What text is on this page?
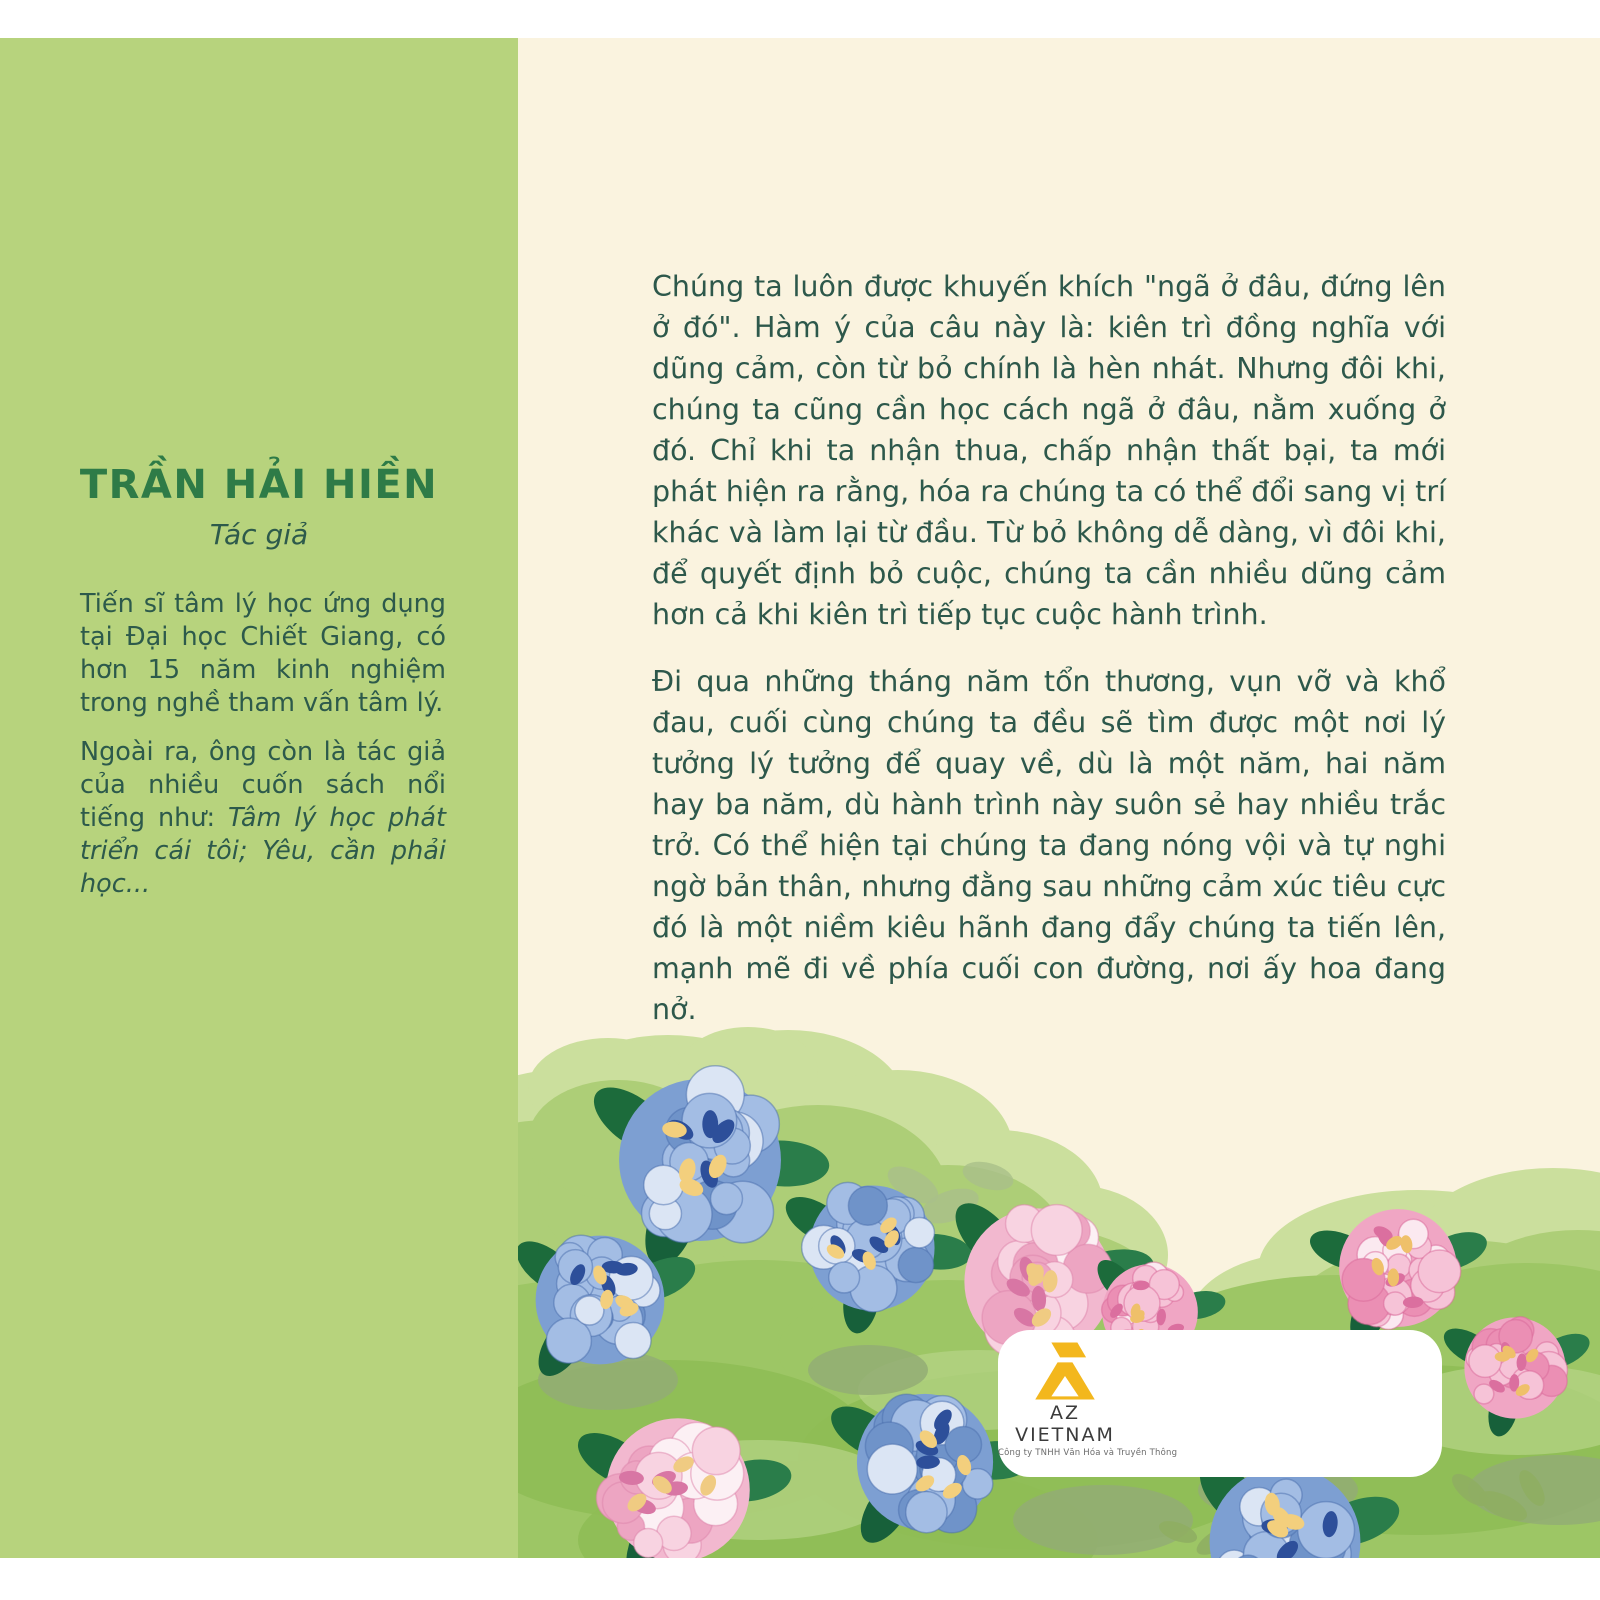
TRẦN HẢI HIỀN
Tác giả

Tiến sĩ tâm lý học ứng dụng tại Đại học Chiết Giang, có hơn 15 năm kinh nghiệm trong nghề tham vấn tâm lý.

Ngoài ra, ông còn là tác giả của nhiều cuốn sách nổi tiếng như: Tâm lý học phát triển cái tôi; Yêu, cần phải học...

Chúng ta luôn được khuyến khích "ngã ở đâu, đứng lên ở đó". Hàm ý của câu này là: kiên trì đồng nghĩa với dũng cảm, còn từ bỏ chính là hèn nhát. Nhưng đôi khi, chúng ta cũng cần học cách ngã ở đâu, nằm xuống ở đó. Chỉ khi ta nhận thua, chấp nhận thất bại, ta mới phát hiện ra rằng, hóa ra chúng ta có thể đổi sang vị trí khác và làm lại từ đầu. Từ bỏ không dễ dàng, vì đôi khi, để quyết định bỏ cuộc, chúng ta cần nhiều dũng cảm hơn cả khi kiên trì tiếp tục cuộc hành trình.

Đi qua những tháng năm tổn thương, vụn vỡ và khổ đau, cuối cùng chúng ta đều sẽ tìm được một nơi lý tưởng lý tưởng để quay về, dù là một năm, hai năm hay ba năm, dù hành trình này suôn sẻ hay nhiều trắc trở. Có thể hiện tại chúng ta đang nóng vội và tự nghi ngờ bản thân, nhưng đằng sau những cảm xúc tiêu cực đó là một niềm kiêu hãnh đang đẩy chúng ta tiến lên, mạnh mẽ đi về phía cuối con đường, nơi ấy hoa đang nở.

AZ VIETNAM
Công ty TNHH Văn Hóa và Truyền Thông
